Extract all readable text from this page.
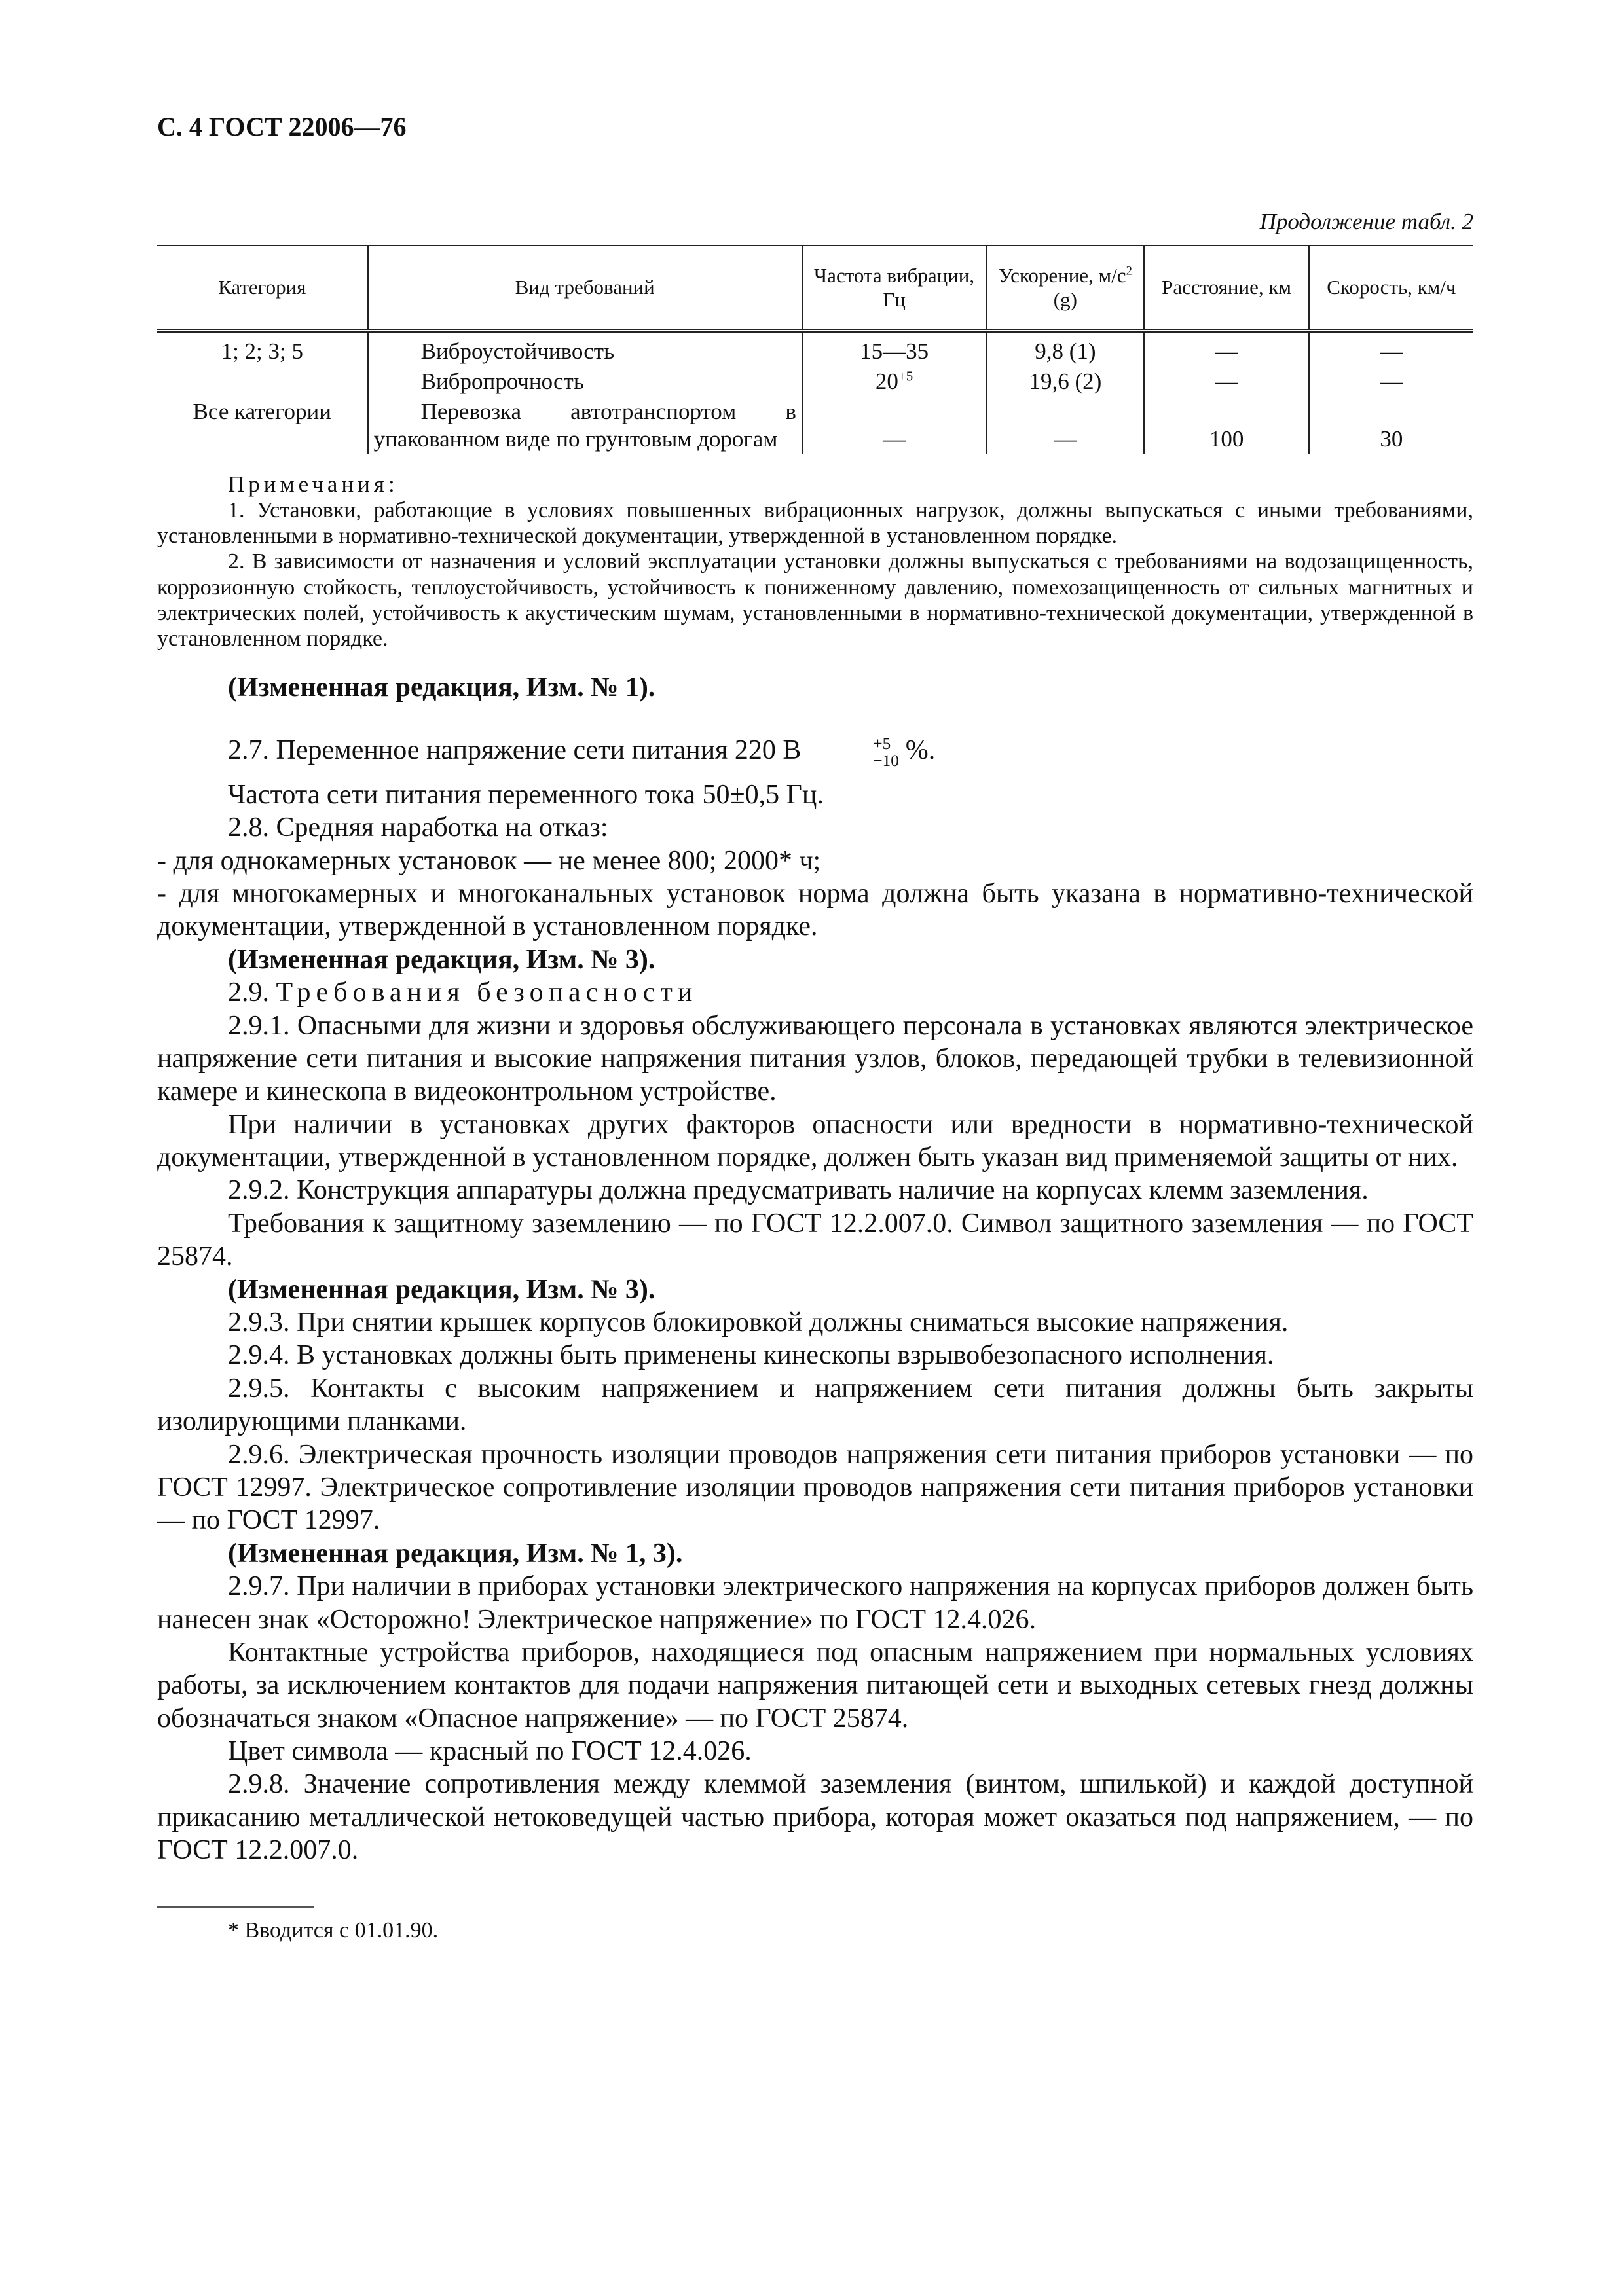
С. 4 ГОСТ 22006—76
Продолжение табл. 2
Категория	Вид требований	Частота вибрации, Гц	Ускорение, $м/с^2$ (g)	Расстояние, км	Скорость, км/ч
1; 2; 3; 5	Виброустойчивость	15—35	9,8 (1)	—	—
	Вибропрочность	$20^{+5}$	19,6 (2)	—	—
Все категории	Перевозка автотранспортом в упакованном виде по грунтовым дорогам	—	—	100	30
Примечания:

1. Установки, работающие в условиях повышенных вибрационных нагрузок, должны выпускаться с иными требованиями, установленными в нормативно-технической документации, утвержденной в установленном порядке.

2. В зависимости от назначения и условий эксплуатации установки должны выпускаться с требованиями на водозащищенность, коррозионную стойкость, теплоустойчивость, устойчивость к пониженному давлению, помехозащищенность от сильных магнитных и электрических полей, устойчивость к акустическим шумам, установленными в нормативно-технической документации, утвержденной в установленном порядке.

(Измененная редакция, Изм. № 1).

2.7. Переменное напряжение сети питания 220 В	+5
−10 %.

Частота сети питания переменного тока 50±0,5 Гц.

2.8. Средняя наработка на отказ:

- для однокамерных установок — не менее 800; 2000* ч;

- для многокамерных и многоканальных установок норма должна быть указана в нормативно-технической документации, утвержденной в установленном порядке.

(Измененная редакция, Изм. № 3).

2.9. Требования безопасности

2.9.1. Опасными для жизни и здоровья обслуживающего персонала в установках являются электрическое напряжение сети питания и высокие напряжения питания узлов, блоков, передающей трубки в телевизионной камере и кинескопа в видеоконтрольном устройстве.

При наличии в установках других факторов опасности или вредности в нормативно-технической документации, утвержденной в установленном порядке, должен быть указан вид применяемой защиты от них.

2.9.2. Конструкция аппаратуры должна предусматривать наличие на корпусах клемм заземления.

Требования к защитному заземлению — по ГОСТ 12.2.007.0. Символ защитного заземления — по ГОСТ 25874.

(Измененная редакция, Изм. № 3).

2.9.3. При снятии крышек корпусов блокировкой должны сниматься высокие напряжения.

2.9.4. В установках должны быть применены кинескопы взрывобезопасного исполнения.

2.9.5. Контакты с высоким напряжением и напряжением сети питания должны быть закрыты изолирующими планками.

2.9.6. Электрическая прочность изоляции проводов напряжения сети питания приборов установки — по ГОСТ 12997. Электрическое сопротивление изоляции проводов напряжения сети питания приборов установки — по ГОСТ 12997.

(Измененная редакция, Изм. № 1, 3).

2.9.7. При наличии в приборах установки электрического напряжения на корпусах приборов должен быть нанесен знак «Осторожно! Электрическое напряжение» по ГОСТ 12.4.026.

Контактные устройства приборов, находящиеся под опасным напряжением при нормальных условиях работы, за исключением контактов для подачи напряжения питающей сети и выходных сетевых гнезд должны обозначаться знаком «Опасное напряжение» — по ГОСТ 25874.

Цвет символа — красный по ГОСТ 12.4.026.

2.9.8. Значение сопротивления между клеммой заземления (винтом, шпилькой) и каждой доступной прикасанию металлической нетоковедущей частью прибора, которая может оказаться под напряжением, — по ГОСТ 12.2.007.0.

* Вводится с 01.01.90.
